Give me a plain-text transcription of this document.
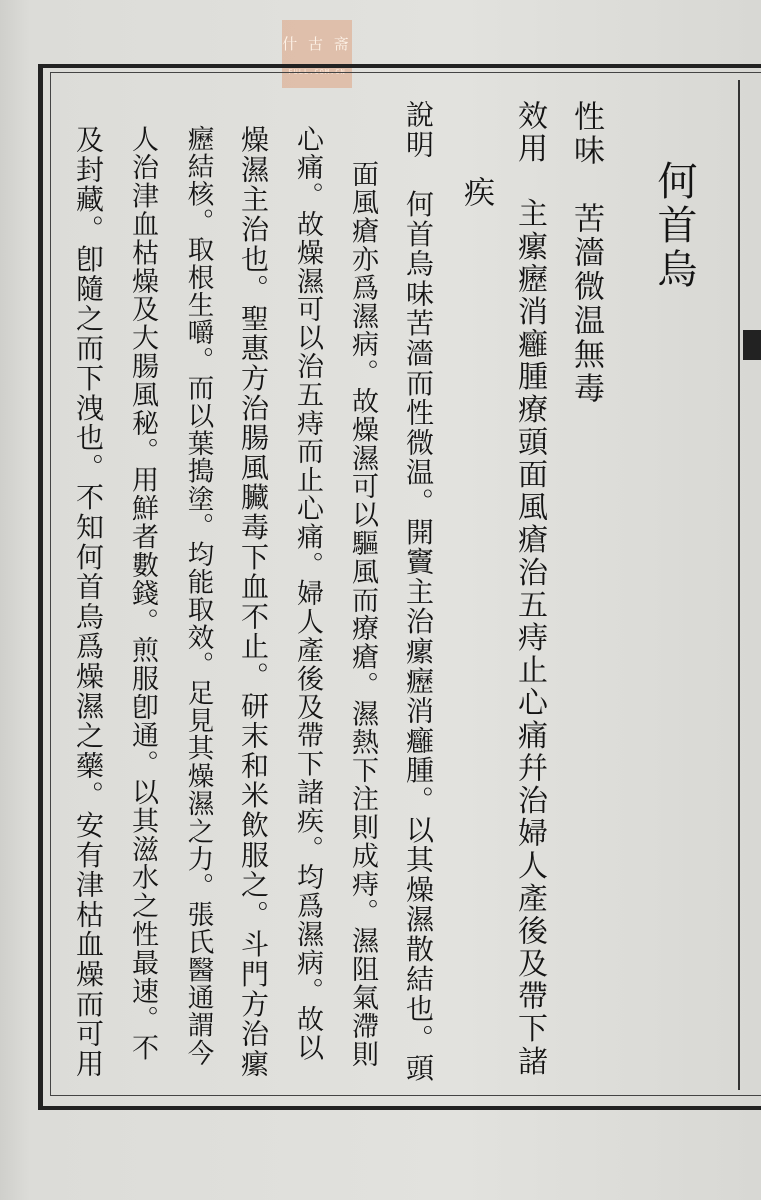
什 古 斋
FULL.COM.CN
何首烏
性味　苦濇微温無毒
效用　主瘰癧消癰腫療頭面風瘡治五痔止心痛幷治婦人產後及帶下諸
疾
說明　何首烏味苦濇而性微温。開竇主治瘰癧消癰腫。以其燥濕散結也。頭
面風瘡亦爲濕病。故燥濕可以驅風而療瘡。濕熱下注則成痔。濕阻氣滯則
心痛。故燥濕可以治五痔而止心痛。婦人產後及帶下諸疾。均爲濕病。故以
燥濕主治也。聖惠方治腸風臟毒下血不止。研末和米飲服之。斗門方治瘰
癧結核。取根生嚼。而以葉搗塗。均能取效。足見其燥濕之力。張氏醫通謂今
人治津血枯燥及大腸風秘。用鮮者數錢。煎服卽通。以其滋水之性最速。不
及封藏。卽隨之而下洩也。不知何首烏爲燥濕之藥。安有津枯血燥而可用
